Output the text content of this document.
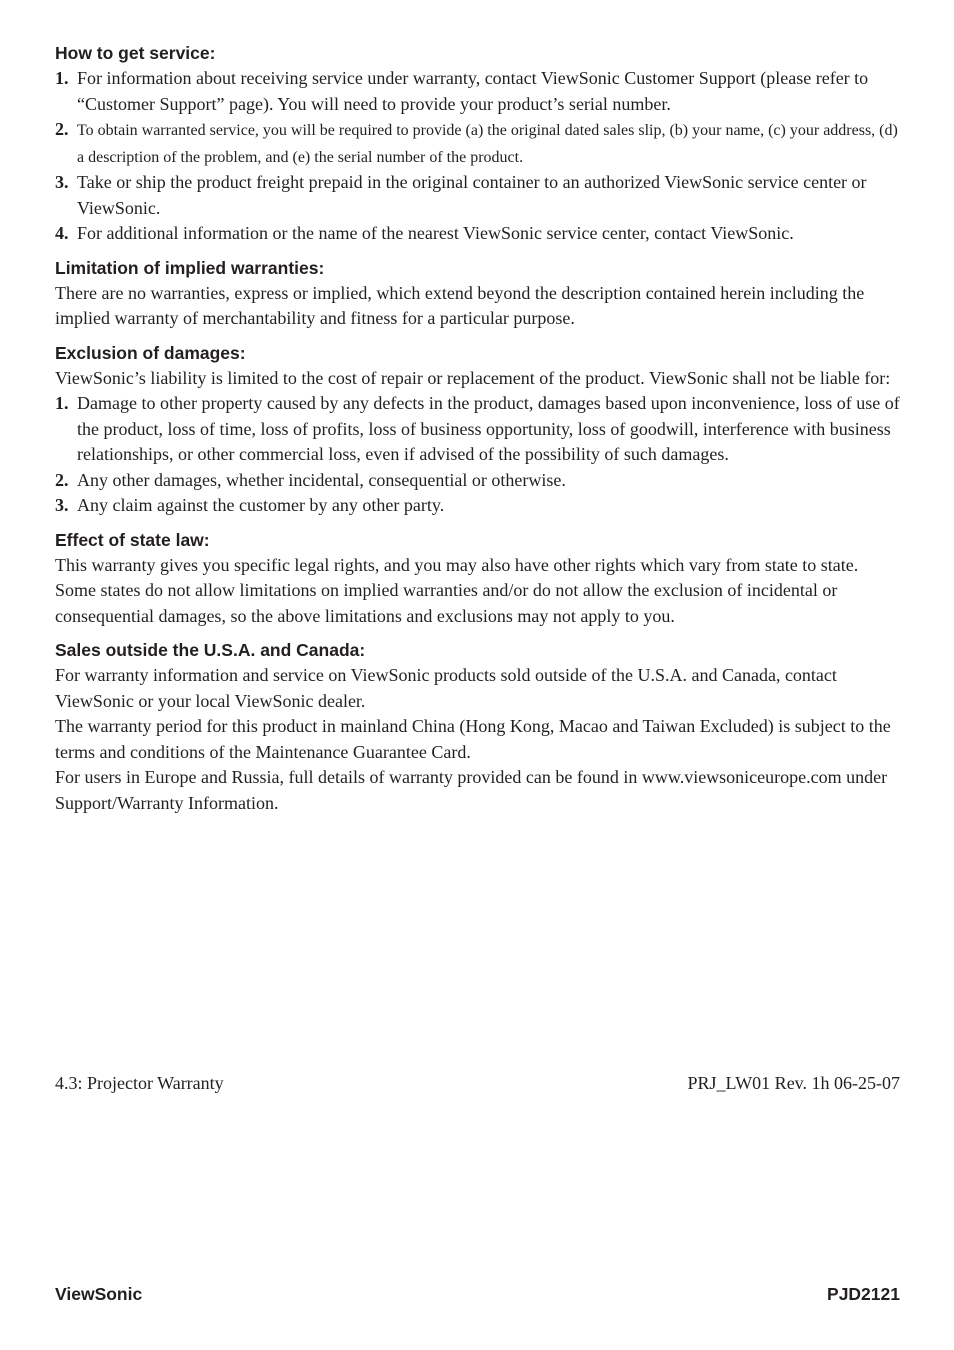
How to get service:
1. For information about receiving service under warranty, contact ViewSonic Customer Support (please refer to “Customer Support” page). You will need to provide your product’s serial number.
2. To obtain warranted service, you will be required to provide (a) the original dated sales slip, (b) your name, (c) your address, (d) a description of the problem, and (e) the serial number of the product.
3. Take or ship the product freight prepaid in the original container to an authorized ViewSonic service center or ViewSonic.
4. For additional information or the name of the nearest ViewSonic service center, contact ViewSonic.
Limitation of implied warranties:

There are no warranties, express or implied, which extend beyond the description contained herein including the implied warranty of merchantability and fitness for a particular purpose.

Exclusion of damages:

ViewSonic’s liability is limited to the cost of repair or replacement of the product. ViewSonic shall not be liable for:

1. Damage to other property caused by any defects in the product, damages based upon inconvenience, loss of use of the product, loss of time, loss of profits, loss of business opportunity, loss of goodwill, interference with business relationships, or other commercial loss, even if advised of the possibility of such damages.
2. Any other damages, whether incidental, consequential or otherwise.
3. Any claim against the customer by any other party.
Effect of state law:

This warranty gives you specific legal rights, and you may also have other rights which vary from state to state. Some states do not allow limitations on implied warranties and/or do not allow the exclusion of incidental or consequential damages, so the above limitations and exclusions may not apply to you.

Sales outside the U.S.A. and Canada:

For warranty information and service on ViewSonic products sold outside of the U.S.A. and Canada, contact ViewSonic or your local ViewSonic dealer.

The warranty period for this product in mainland China (Hong Kong, Macao and Taiwan Excluded) is subject to the terms and conditions of the Maintenance Guarantee Card.

For users in Europe and Russia, full details of warranty provided can be found in www.viewsoniceurope.com under Support/Warranty Information.

4.3: Projector Warranty	PRJ_LW01 Rev. 1h 06-25-07
ViewSonic	PJD2121
